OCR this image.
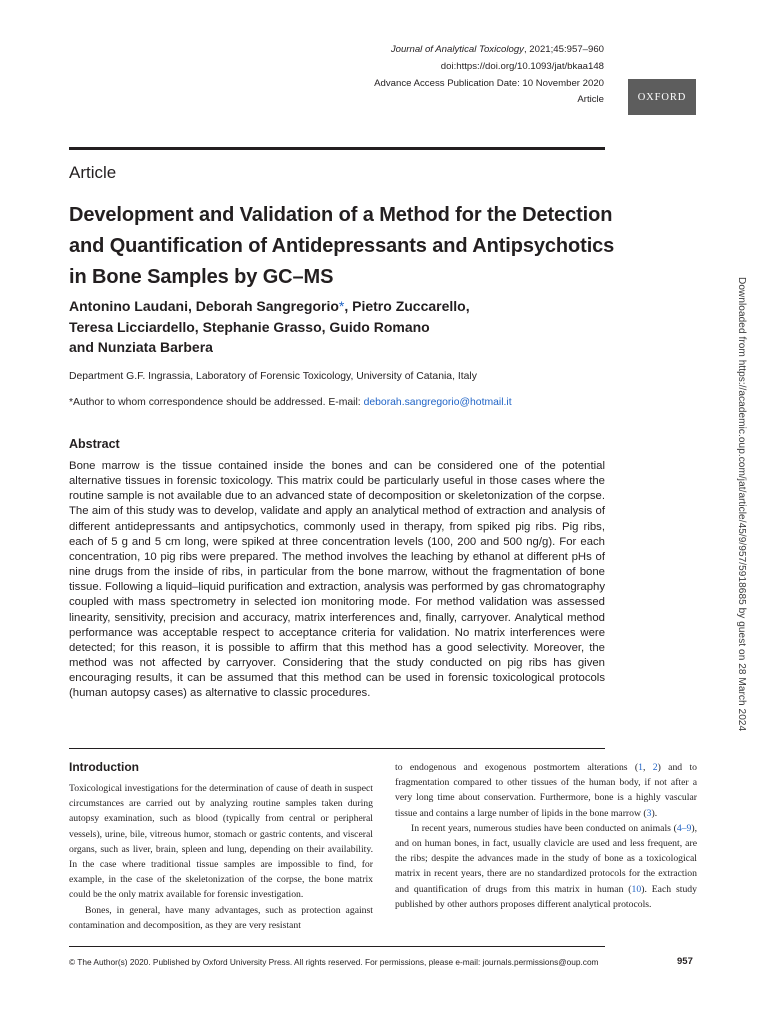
Journal of Analytical Toxicology, 2021;45:957–960
doi:https://doi.org/10.1093/jat/bkaa148
Advance Access Publication Date: 10 November 2020
Article	OXFORD
Article
Development and Validation of a Method for the Detection and Quantification of Antidepressants and Antipsychotics in Bone Samples by GC–MS
Antonino Laudani, Deborah Sangregorio*, Pietro Zuccarello,
Teresa Licciardello, Stephanie Grasso, Guido Romano
and Nunziata Barbera
Department G.F. Ingrassia, Laboratory of Forensic Toxicology, University of Catania, Italy
*Author to whom correspondence should be addressed. E-mail: deborah.sangregorio@hotmail.it
Abstract

Bone marrow is the tissue contained inside the bones and can be considered one of the potential alternative tissues in forensic toxicology. This matrix could be particularly useful in those cases where the routine sample is not available due to an advanced state of decomposition or skeletonization of the corpse. The aim of this study was to develop, validate and apply an analytical method of extraction and analysis of different antidepressants and antipsychotics, commonly used in therapy, from spiked pig ribs. Pig ribs, each of 5 g and 5 cm long, were spiked at three concentration levels (100, 200 and 500 ng/g). For each concentration, 10 pig ribs were prepared. The method involves the leaching by ethanol at different pHs of nine drugs from the inside of ribs, in particular from the bone marrow, without the fragmentation of bone tissue. Following a liquid–liquid purification and extraction, analysis was performed by gas chromatography coupled with mass spectrometry in selected ion monitoring mode. For method validation was assessed linearity, sensitivity, precision and accuracy, matrix interferences and, finally, carryover. Analytical method performance was acceptable respect to acceptance criteria for validation. No matrix interferences were detected; for this reason, it is possible to affirm that this method has a good selectivity. Moreover, the method was not affected by carryover. Considering that the study conducted on pig ribs has given encouraging results, it can be assumed that this method can be used in forensic toxicological protocols (human autopsy cases) as alternative to classic procedures.

Introduction

Toxicological investigations for the determination of cause of death in suspect circumstances are carried out by analyzing routine samples taken during autopsy examination, such as blood (typically from central or peripheral vessels), urine, bile, vitreous humor, stomach or gastric contents, and visceral organs, such as liver, brain, spleen and lung, depending on their availability. In the case where traditional tissue samples are impossible to find, for example, in the case of the skeletonization of the corpse, the bone matrix could be the only matrix available for forensic investigation.

Bones, in general, have many advantages, such as protection against contamination and decomposition, as they are very resistant

to endogenous and exogenous postmortem alterations (1, 2) and to fragmentation compared to other tissues of the human body, if not after a very long time about conservation. Furthermore, bone is a highly vascular tissue and contains a large number of lipids in the bone marrow (3).

In recent years, numerous studies have been conducted on animals (4–9), and on human bones, in fact, usually clavicle are used and less frequent, are the ribs; despite the advances made in the study of bone as a toxicological matrix in recent years, there are no standardized protocols for the extraction and quantification of drugs from this matrix in human (10). Each study published by other authors proposes different analytical protocols.

© The Author(s) 2020. Published by Oxford University Press. All rights reserved. For permissions, please e-mail: journals.permissions@oup.com	957
Downloaded from https://academic.oup.com/jat/article/45/9/957/5918685 by guest on 28 March 2024
